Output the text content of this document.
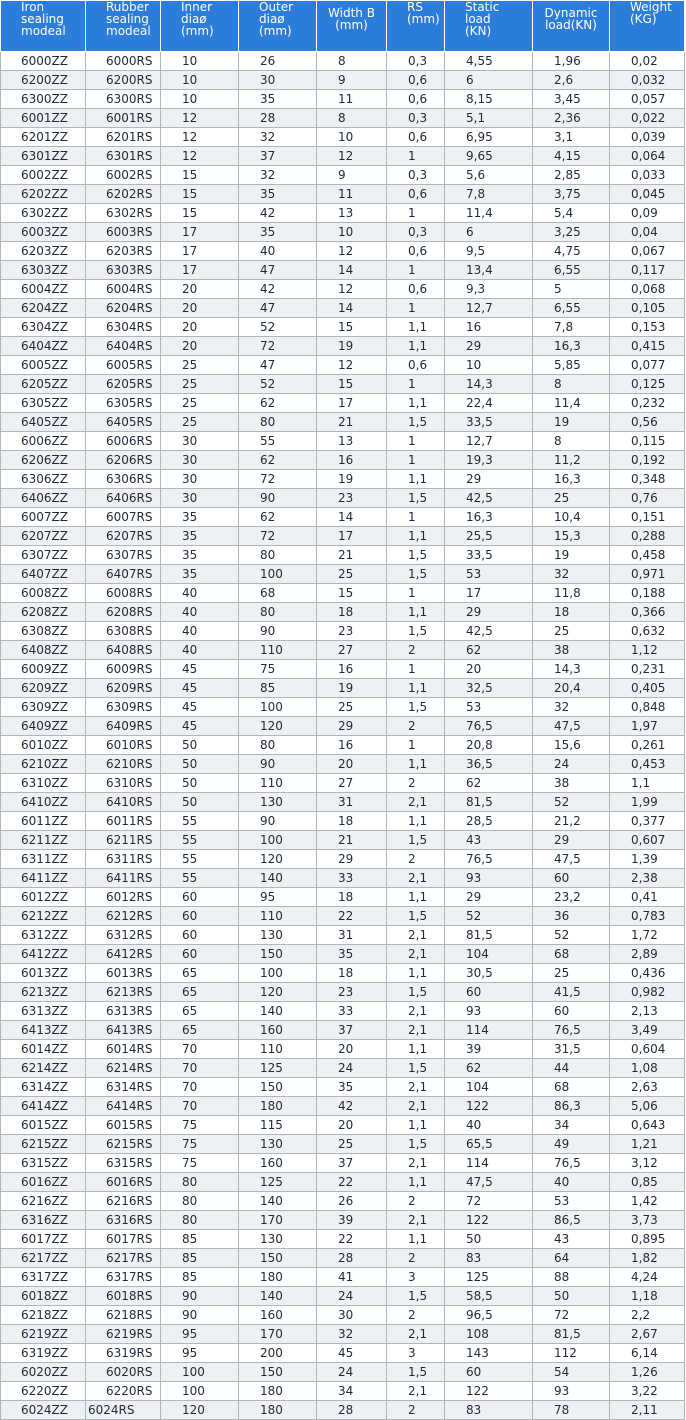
Iron
sealing
modeal	Rubber
sealing
modeal	Inner
diaø
(mm)	Outer
diaø
(mm)	Width B
(mm)	RS
(mm)	Static
load
(KN)	Dynamic
load(KN)	Weight
(KG)
6000ZZ	6000RS	10	26	8	0,3	4,55	1,96	0,02
6200ZZ	6200RS	10	30	9	0,6	6	2,6	0,032
6300ZZ	6300RS	10	35	11	0,6	8,15	3,45	0,057
6001ZZ	6001RS	12	28	8	0,3	5,1	2,36	0,022
6201ZZ	6201RS	12	32	10	0,6	6,95	3,1	0,039
6301ZZ	6301RS	12	37	12	1	9,65	4,15	0,064
6002ZZ	6002RS	15	32	9	0,3	5,6	2,85	0,033
6202ZZ	6202RS	15	35	11	0,6	7,8	3,75	0,045
6302ZZ	6302RS	15	42	13	1	11,4	5,4	0,09
6003ZZ	6003RS	17	35	10	0,3	6	3,25	0,04
6203ZZ	6203RS	17	40	12	0,6	9,5	4,75	0,067
6303ZZ	6303RS	17	47	14	1	13,4	6,55	0,117
6004ZZ	6004RS	20	42	12	0,6	9,3	5	0,068
6204ZZ	6204RS	20	47	14	1	12,7	6,55	0,105
6304ZZ	6304RS	20	52	15	1,1	16	7,8	0,153
6404ZZ	6404RS	20	72	19	1,1	29	16,3	0,415
6005ZZ	6005RS	25	47	12	0,6	10	5,85	0,077
6205ZZ	6205RS	25	52	15	1	14,3	8	0,125
6305ZZ	6305RS	25	62	17	1,1	22,4	11,4	0,232
6405ZZ	6405RS	25	80	21	1,5	33,5	19	0,56
6006ZZ	6006RS	30	55	13	1	12,7	8	0,115
6206ZZ	6206RS	30	62	16	1	19,3	11,2	0,192
6306ZZ	6306RS	30	72	19	1,1	29	16,3	0,348
6406ZZ	6406RS	30	90	23	1,5	42,5	25	0,76
6007ZZ	6007RS	35	62	14	1	16,3	10,4	0,151
6207ZZ	6207RS	35	72	17	1,1	25,5	15,3	0,288
6307ZZ	6307RS	35	80	21	1,5	33,5	19	0,458
6407ZZ	6407RS	35	100	25	1,5	53	32	0,971
6008ZZ	6008RS	40	68	15	1	17	11,8	0,188
6208ZZ	6208RS	40	80	18	1,1	29	18	0,366
6308ZZ	6308RS	40	90	23	1,5	42,5	25	0,632
6408ZZ	6408RS	40	110	27	2	62	38	1,12
6009ZZ	6009RS	45	75	16	1	20	14,3	0,231
6209ZZ	6209RS	45	85	19	1,1	32,5	20,4	0,405
6309ZZ	6309RS	45	100	25	1,5	53	32	0,848
6409ZZ	6409RS	45	120	29	2	76,5	47,5	1,97
6010ZZ	6010RS	50	80	16	1	20,8	15,6	0,261
6210ZZ	6210RS	50	90	20	1,1	36,5	24	0,453
6310ZZ	6310RS	50	110	27	2	62	38	1,1
6410ZZ	6410RS	50	130	31	2,1	81,5	52	1,99
6011ZZ	6011RS	55	90	18	1,1	28,5	21,2	0,377
6211ZZ	6211RS	55	100	21	1,5	43	29	0,607
6311ZZ	6311RS	55	120	29	2	76,5	47,5	1,39
6411ZZ	6411RS	55	140	33	2,1	93	60	2,38
6012ZZ	6012RS	60	95	18	1,1	29	23,2	0,41
6212ZZ	6212RS	60	110	22	1,5	52	36	0,783
6312ZZ	6312RS	60	130	31	2,1	81,5	52	1,72
6412ZZ	6412RS	60	150	35	2,1	104	68	2,89
6013ZZ	6013RS	65	100	18	1,1	30,5	25	0,436
6213ZZ	6213RS	65	120	23	1,5	60	41,5	0,982
6313ZZ	6313RS	65	140	33	2,1	93	60	2,13
6413ZZ	6413RS	65	160	37	2,1	114	76,5	3,49
6014ZZ	6014RS	70	110	20	1,1	39	31,5	0,604
6214ZZ	6214RS	70	125	24	1,5	62	44	1,08
6314ZZ	6314RS	70	150	35	2,1	104	68	2,63
6414ZZ	6414RS	70	180	42	2,1	122	86,3	5,06
6015ZZ	6015RS	75	115	20	1,1	40	34	0,643
6215ZZ	6215RS	75	130	25	1,5	65,5	49	1,21
6315ZZ	6315RS	75	160	37	2,1	114	76,5	3,12
6016ZZ	6016RS	80	125	22	1,1	47,5	40	0,85
6216ZZ	6216RS	80	140	26	2	72	53	1,42
6316ZZ	6316RS	80	170	39	2,1	122	86,5	3,73
6017ZZ	6017RS	85	130	22	1,1	50	43	0,895
6217ZZ	6217RS	85	150	28	2	83	64	1,82
6317ZZ	6317RS	85	180	41	3	125	88	4,24
6018ZZ	6018RS	90	140	24	1,5	58,5	50	1,18
6218ZZ	6218RS	90	160	30	2	96,5	72	2,2
6219ZZ	6219RS	95	170	32	2,1	108	81,5	2,67
6319ZZ	6319RS	95	200	45	3	143	112	6,14
6020ZZ	6020RS	100	150	24	1,5	60	54	1,26
6220ZZ	6220RS	100	180	34	2,1	122	93	3,22
6024ZZ	6024RS	120	180	28	2	83	78	2,11
